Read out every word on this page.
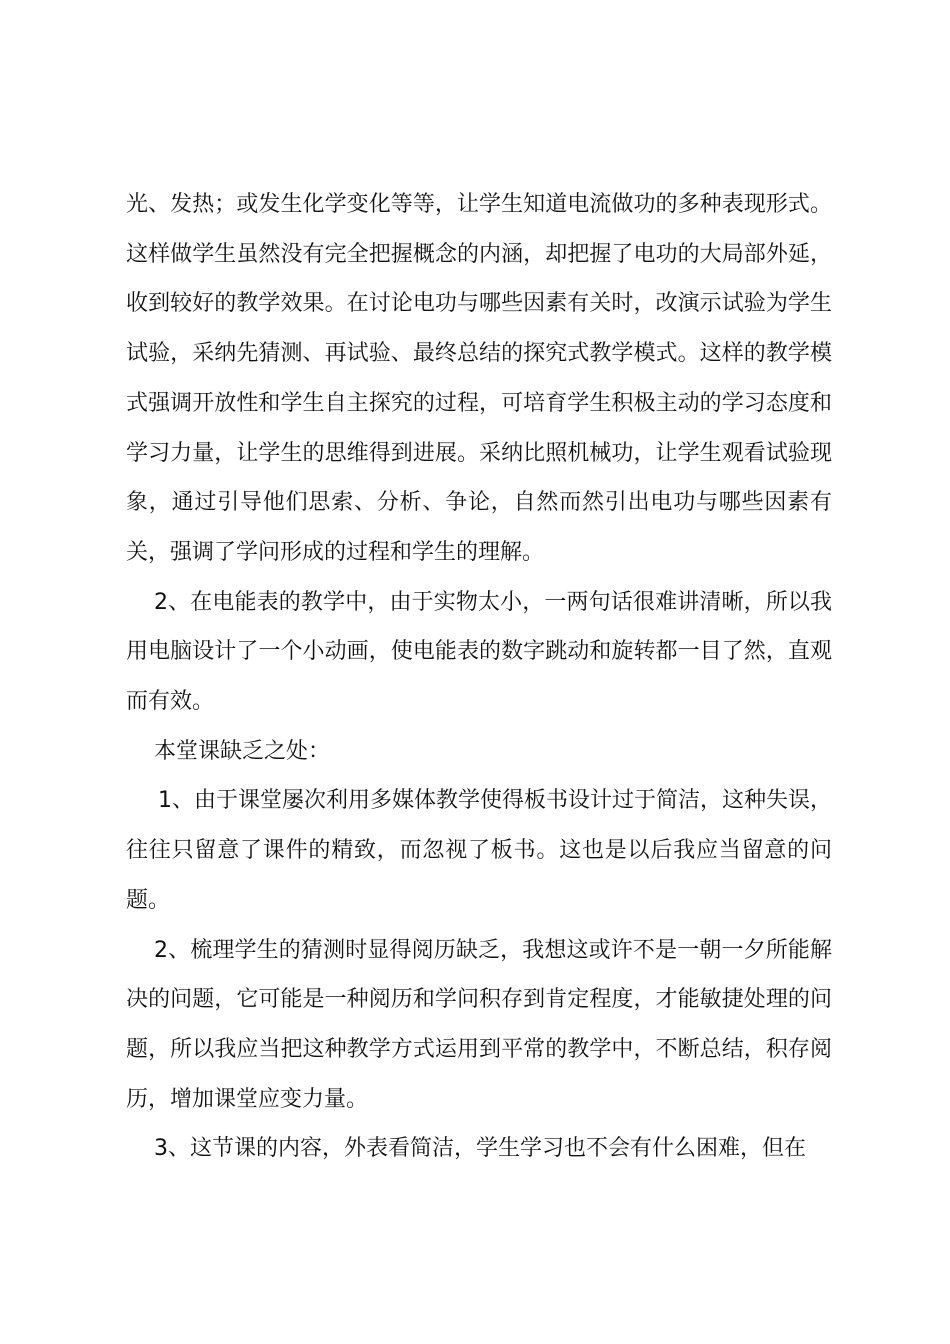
光、发热；或发生化学变化等等，让学生知道电流做功的多种表现形式。这样做学生虽然没有完全把握概念的内涵，却把握了电功的大局部外延，收到较好的教学效果。在讨论电功与哪些因素有关时，改演示试验为学生试验，采纳先猜测、再试验、最终总结的探究式教学模式。这样的教学模式强调开放性和学生自主探究的过程，可培育学生积极主动的学习态度和学习力量，让学生的思维得到进展。采纳比照机械功，让学生观看试验现象，通过引导他们思索、分析、争论，自然而然引出电功与哪些因素有关，强调了学问形成的过程和学生的理解。

2、在电能表的教学中，由于实物太小，一两句话很难讲清晰，所以我用电脑设计了一个小动画，使电能表的数字跳动和旋转都一目了然，直观而有效。

本堂课缺乏之处：

1、由于课堂屡次利用多媒体教学使得板书设计过于简洁，这种失误，往往只留意了课件的精致，而忽视了板书。这也是以后我应当留意的问题。

2、梳理学生的猜测时显得阅历缺乏，我想这或许不是一朝一夕所能解决的问题，它可能是一种阅历和学问积存到肯定程度，才能敏捷处理的问题，所以我应当把这种教学方式运用到平常的教学中，不断总结，积存阅历，增加课堂应变力量。

3、这节课的内容，外表看简洁，学生学习也不会有什么困难，但在
